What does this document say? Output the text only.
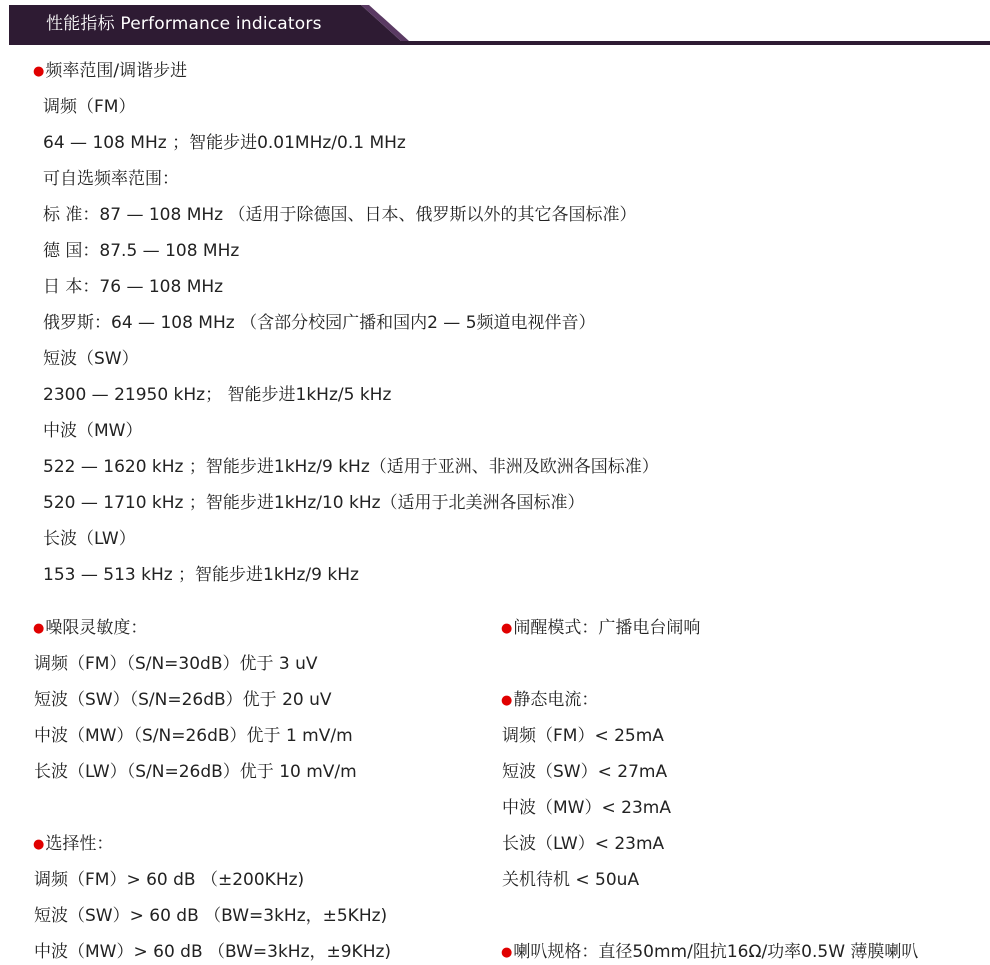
性能指标 Performance indicators
●频率范围/调谐步进
调频（FM）
64 — 108 MHz ；智能步进0.01MHz/0.1 MHz
可自选频率范围：
标 准：87 — 108 MHz （适用于除德国、日本、俄罗斯以外的其它各国标准）
德 国：87.5 — 108 MHz
日 本：76 — 108 MHz
俄罗斯：64 — 108 MHz （含部分校园广播和国内2 — 5频道电视伴音）
短波（SW）
2300 — 21950 kHz； 智能步进1kHz/5 kHz
中波（MW）
522 — 1620 kHz ；智能步进1kHz/9 kHz（适用于亚洲、非洲及欧洲各国标准）
520 — 1710 kHz ；智能步进1kHz/10 kHz（适用于北美洲各国标准）
长波（LW）
153 — 513 kHz ；智能步进1kHz/9 kHz
●噪限灵敏度：
调频（FM）（S/N=30dB）优于 3 uV
短波（SW）（S/N=26dB）优于 20 uV
中波（MW）（S/N=26dB）优于 1 mV/m
长波（LW）（S/N=26dB）优于 10 mV/m
●选择性：
调频（FM）> 60 dB （±200KHz)
短波（SW）> 60 dB （BW=3kHz，±5KHz)
中波（MW）> 60 dB （BW=3kHz，±9KHz)
●闹醒模式：广播电台闹响
●静态电流：
调频（FM）< 25mA
短波（SW）< 27mA
中波（MW）< 23mA
长波（LW）< 23mA
关机待机 < 50uA
●喇叭规格：直径50mm/阻抗16Ω/功率0.5W 薄膜喇叭
